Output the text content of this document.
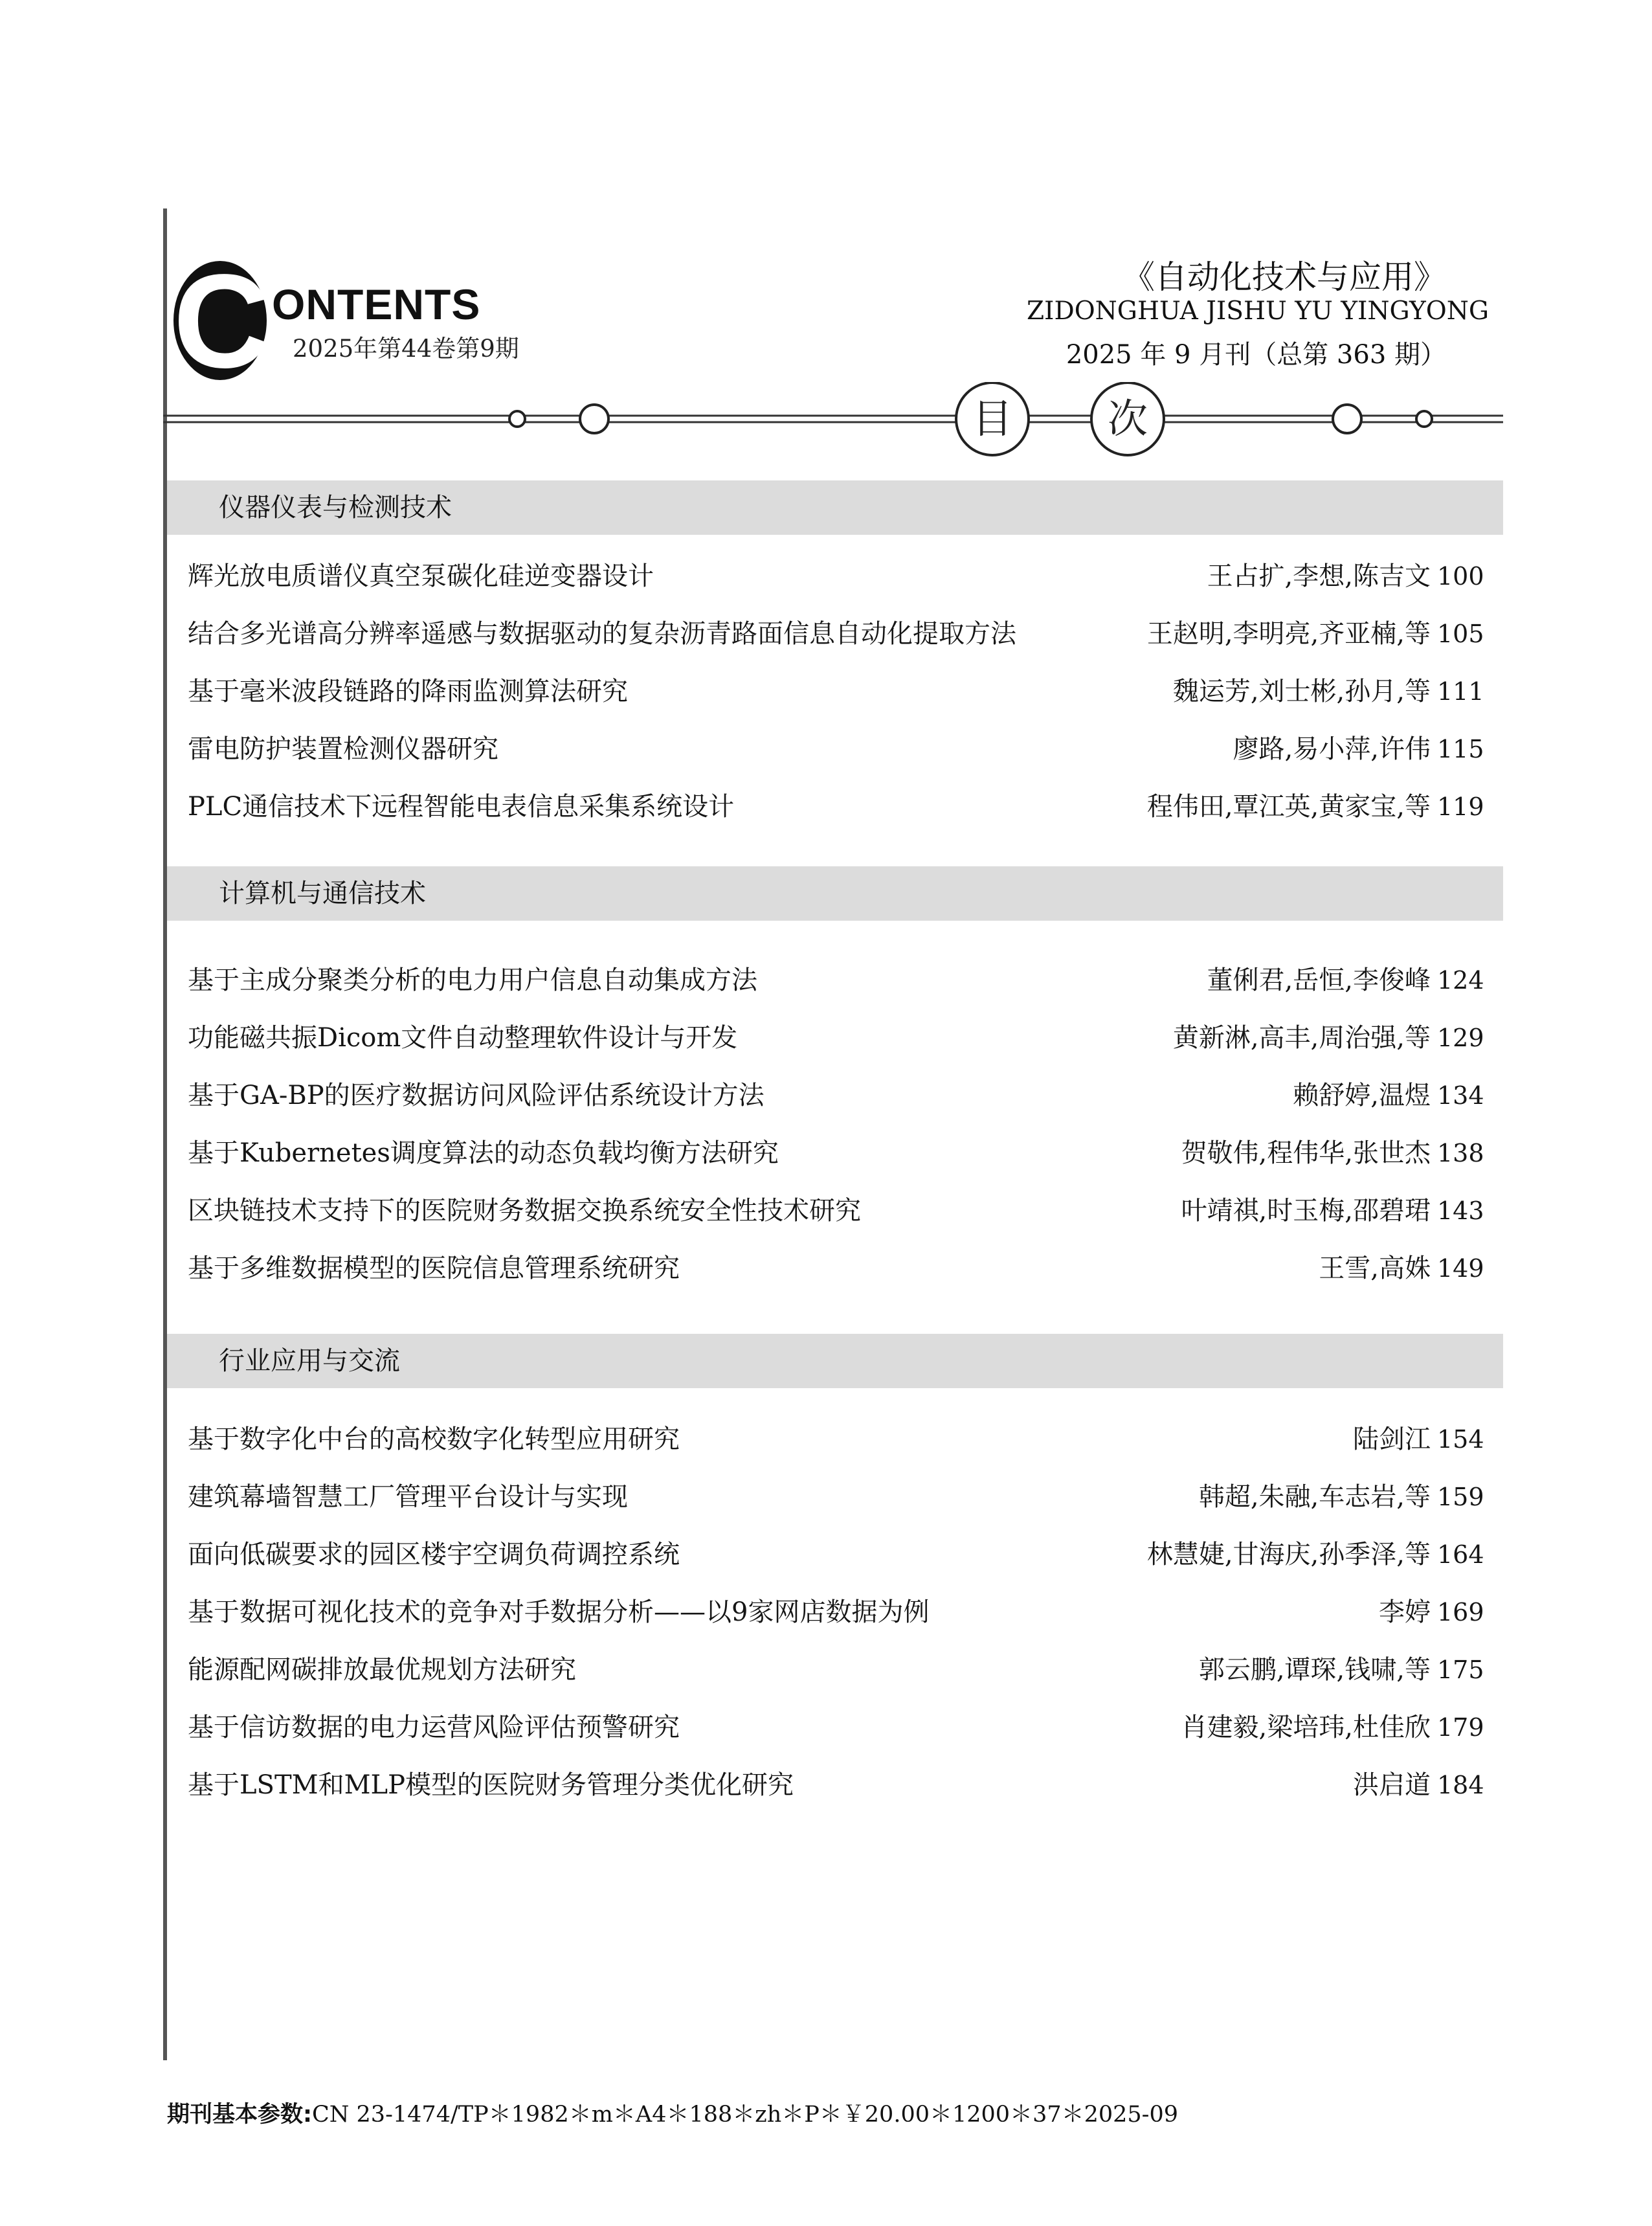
C ONTENTS
2025年第44卷第9期
《自动化技术与应用》
ZIDONGHUA JISHU YU YINGYONG
2025 年 9 月刊（总第 363 期）
目 次
仪器仪表与检测技术
辉光放电质谱仪真空泵碳化硅逆变器设计	王占扩,李想,陈吉文 100
结合多光谱高分辨率遥感与数据驱动的复杂沥青路面信息自动化提取方法	王赵明,李明亮,齐亚楠,等 105
基于毫米波段链路的降雨监测算法研究	魏运芳,刘士彬,孙月,等 111
雷电防护装置检测仪器研究	廖路,易小萍,许伟 115
PLC通信技术下远程智能电表信息采集系统设计	程伟田,覃江英,黄家宝,等 119
计算机与通信技术
基于主成分聚类分析的电力用户信息自动集成方法	董俐君,岳恒,李俊峰 124
功能磁共振Dicom文件自动整理软件设计与开发	黄新淋,高丰,周治强,等 129
基于GA-BP的医疗数据访问风险评估系统设计方法	赖舒婷,温煜 134
基于Kubernetes调度算法的动态负载均衡方法研究	贺敬伟,程伟华,张世杰 138
区块链技术支持下的医院财务数据交换系统安全性技术研究	叶靖祺,时玉梅,邵碧珺 143
基于多维数据模型的医院信息管理系统研究	王雪,高姝 149
行业应用与交流
基于数字化中台的高校数字化转型应用研究	陆剑江 154
建筑幕墙智慧工厂管理平台设计与实现	韩超,朱融,车志岩,等 159
面向低碳要求的园区楼宇空调负荷调控系统	林慧婕,甘海庆,孙季泽,等 164
基于数据可视化技术的竞争对手数据分析——以9家网店数据为例	李婷 169
能源配网碳排放最优规划方法研究	郭云鹏,谭琛,钱啸,等 175
基于信访数据的电力运营风险评估预警研究	肖建毅,梁培玮,杜佳欣 179
基于LSTM和MLP模型的医院财务管理分类优化研究	洪启道 184
期刊基本参数:CN 23-1474/TP＊1982＊m＊A4＊188＊zh＊P＊￥20.00＊1200＊37＊2025-09
